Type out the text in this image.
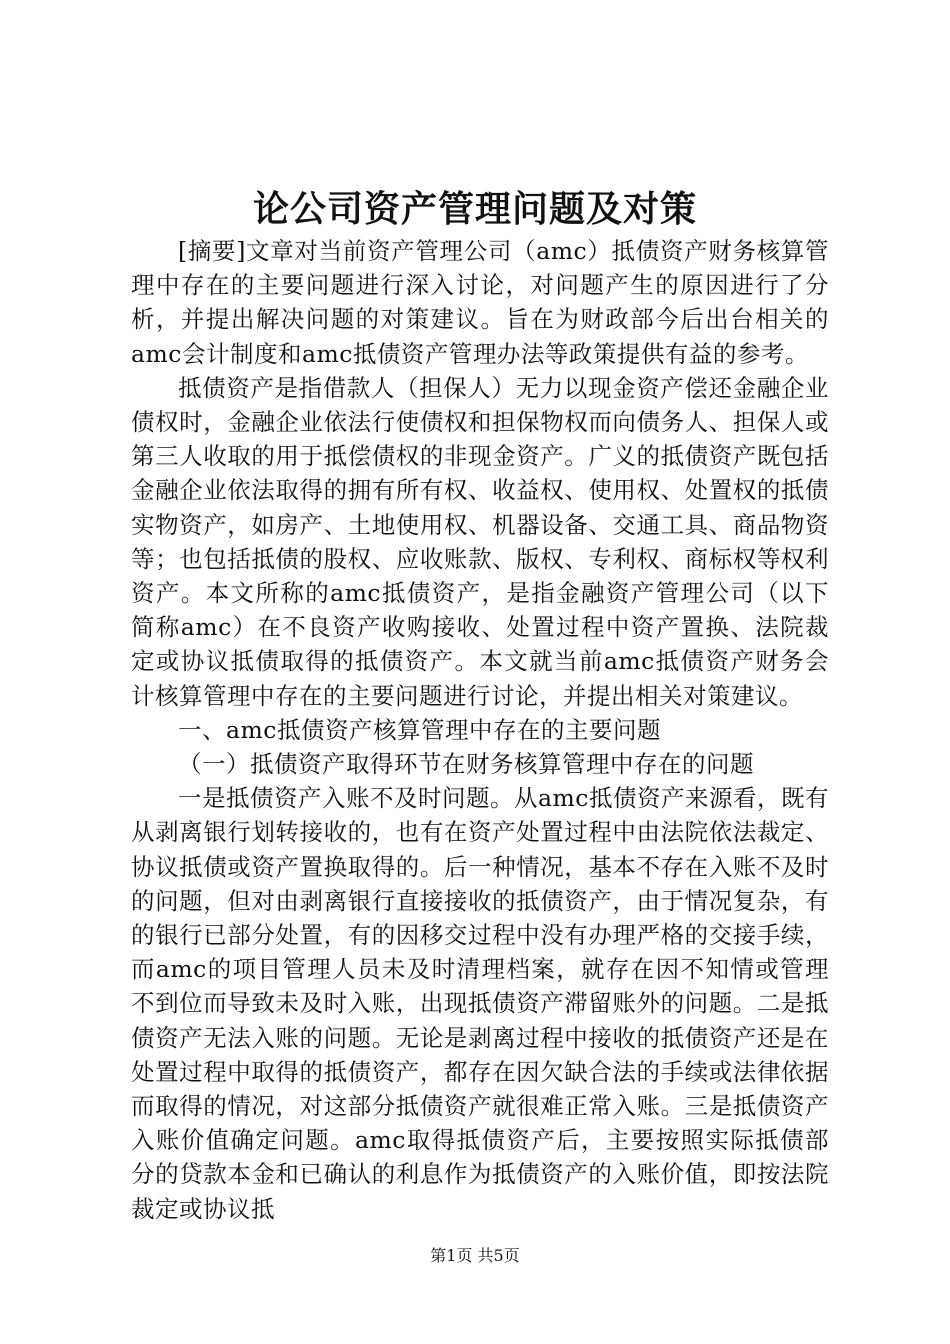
论公司资产管理问题及对策

[摘要]文章对当前资产管理公司（amc）抵债资产财务核算管理中存在的主要问题进行深入讨论，对问题产生的原因进行了分析，并提出解决问题的对策建议。旨在为财政部今后出台相关的amc会计制度和amc抵债资产管理办法等政策提供有益的参考。

抵债资产是指借款人（担保人）无力以现金资产偿还金融企业债权时，金融企业依法行使债权和担保物权而向债务人、担保人或第三人收取的用于抵偿债权的非现金资产。广义的抵债资产既包括金融企业依法取得的拥有所有权、收益权、使用权、处置权的抵债实物资产，如房产、土地使用权、机器设备、交通工具、商品物资等；也包括抵债的股权、应收账款、版权、专利权、商标权等权利资产。本文所称的amc抵债资产，是指金融资产管理公司（以下简称amc）在不良资产收购接收、处置过程中资产置换、法院裁定或协议抵债取得的抵债资产。本文就当前amc抵债资产财务会计核算管理中存在的主要问题进行讨论，并提出相关对策建议。

一、amc抵债资产核算管理中存在的主要问题

（一）抵债资产取得环节在财务核算管理中存在的问题

一是抵债资产入账不及时问题。从amc抵债资产来源看，既有从剥离银行划转接收的，也有在资产处置过程中由法院依法裁定、协议抵债或资产置换取得的。后一种情况，基本不存在入账不及时的问题，但对由剥离银行直接接收的抵债资产，由于情况复杂，有的银行已部分处置，有的因移交过程中没有办理严格的交接手续，而amc的项目管理人员未及时清理档案，就存在因不知情或管理不到位而导致未及时入账，出现抵债资产滞留账外的问题。二是抵债资产无法入账的问题。无论是剥离过程中接收的抵债资产还是在处置过程中取得的抵债资产，都存在因欠缺合法的手续或法律依据而取得的情况，对这部分抵债资产就很难正常入账。三是抵债资产入账价值确定问题。amc取得抵债资产后，主要按照实际抵债部分的贷款本金和已确认的利息作为抵债资产的入账价值，即按法院裁定或协议抵

第1页 共5页
